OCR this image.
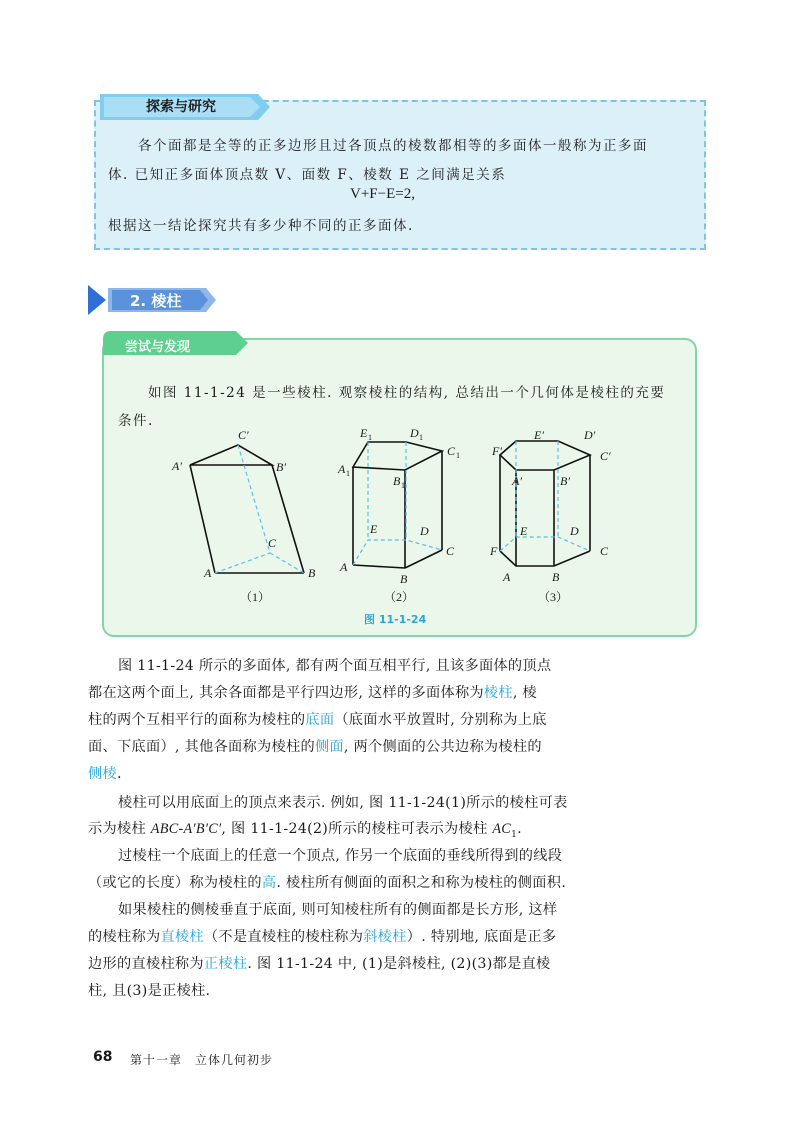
探索与研究
各个面都是全等的正多边形且过各顶点的棱数都相等的多面体一般称为正多面
体. 已知正多面体顶点数 V、面数 F、棱数 E 之间满足关系
V+F−E=2,
根据这一结论探究共有多少种不同的正多面体.
2. 棱柱
尝试与发现
如图 11-1-24 是一些棱柱. 观察棱柱的结构, 总结出一个几何体是棱柱的充要
条件.
A′
C′
B′
C
A	B
（1）
E 1	D 1
C 1
A 1
B 1
E	D
C
A
B
（2）
F′
E′	D′
C′
A′	B′
E	D
F	C
A	B
（3）
图 11-1-24
图 11-1-24 所示的多面体, 都有两个面互相平行, 且该多面体的顶点
都在这两个面上, 其余各面都是平行四边形, 这样的多面体称为棱柱, 棱
柱的两个互相平行的面称为棱柱的底面（底面水平放置时, 分别称为上底
面、下底面）, 其他各面称为棱柱的侧面, 两个侧面的公共边称为棱柱的
侧棱.
棱柱可以用底面上的顶点来表示. 例如, 图 11-1-24(1)所示的棱柱可表
示为棱柱 ABC-A′B′C′, 图 11-1-24(2)所示的棱柱可表示为棱柱 $AC_1$.
过棱柱一个底面上的任意一个顶点, 作另一个底面的垂线所得到的线段
（或它的长度）称为棱柱的高. 棱柱所有侧面的面积之和称为棱柱的侧面积.
如果棱柱的侧棱垂直于底面, 则可知棱柱所有的侧面都是长方形, 这样
的棱柱称为直棱柱（不是直棱柱的棱柱称为斜棱柱）. 特别地, 底面是正多
边形的直棱柱称为正棱柱. 图 11-1-24 中, (1)是斜棱柱, (2)(3)都是直棱
柱, 且(3)是正棱柱.
68 第十一章　立体几何初步
